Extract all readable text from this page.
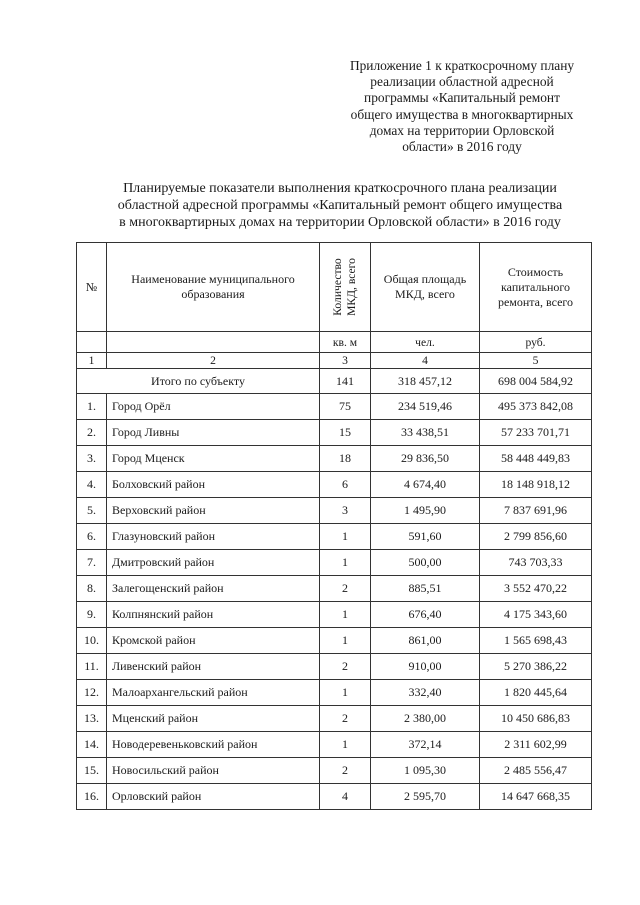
Приложение 1 к краткосрочному плану
реализации областной адресной
программы «Капитальный ремонт
общего имущества в многоквартирных
домах на территории Орловской
области» в 2016 году
Планируемые показатели выполнения краткосрочного плана реализации
областной адресной программы «Капитальный ремонт общего имущества
в многоквартирных домах на территории Орловской области» в 2016 году
№	Наименование муниципального образования	Количество МКД, всего	Общая площадь МКД, всего	Стоимость капитального ремонта, всего
		кв. м	чел.	руб.
1	2	3	4	5
Итого по субъекту		141	318 457,12	698 004 584,92
1.	Город Орёл	75	234 519,46	495 373 842,08
2.	Город Ливны	15	33 438,51	57 233 701,71
3.	Город Мценск	18	29 836,50	58 448 449,83
4.	Болховский район	6	4 674,40	18 148 918,12
5.	Верховский район	3	1 495,90	7 837 691,96
6.	Глазуновский район	1	591,60	2 799 856,60
7.	Дмитровский район	1	500,00	743 703,33
8.	Залегощенский район	2	885,51	3 552 470,22
9.	Колпнянский район	1	676,40	4 175 343,60
10.	Кромской район	1	861,00	1 565 698,43
11.	Ливенский район	2	910,00	5 270 386,22
12.	Малоархангельский район	1	332,40	1 820 445,64
13.	Мценский район	2	2 380,00	10 450 686,83
14.	Новодеревеньковский район	1	372,14	2 311 602,99
15.	Новосильский район	2	1 095,30	2 485 556,47
16.	Орловский район	4	2 595,70	14 647 668,35
